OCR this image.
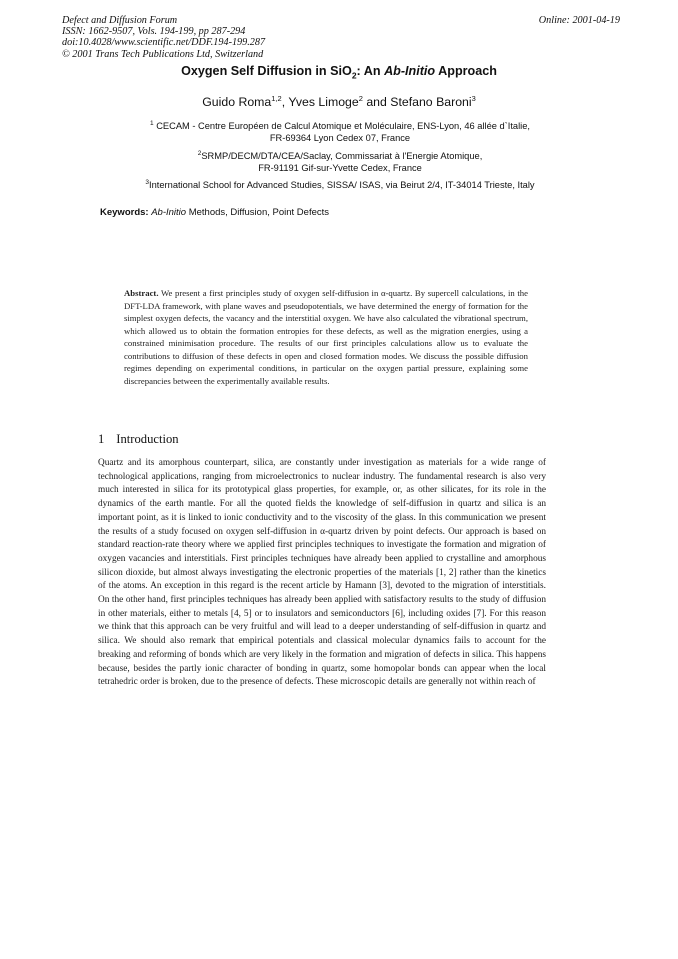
Defect and Diffusion Forum
ISSN: 1662-9507, Vols. 194-199, pp 287-294
doi:10.4028/www.scientific.net/DDF.194-199.287
© 2001 Trans Tech Publications Ltd, Switzerland
Online: 2001-04-19
Oxygen Self Diffusion in SiO$_2$: An Ab-Initio Approach
Guido Roma$^{1,2}$, Yves Limoge$^2$ and Stefano Baroni$^3$
$^1$ CECAM - Centre Européen de Calcul Atomique et Moléculaire, ENS-Lyon, 46 allée d`Italie,
FR-69364 Lyon Cedex 07, France
$^2$SRMP/DECM/DTA/CEA/Saclay, Commissariat à l'Energie Atomique,
FR-91191 Gif-sur-Yvette Cedex, France
$^3$International School for Advanced Studies, SISSA/ ISAS, via Beirut 2/4, IT-34014 Trieste, Italy
Keywords: Ab-Initio Methods, Diffusion, Point Defects
Abstract. We present a first principles study of oxygen self-diffusion in α-quartz. By supercell calculations, in the DFT-LDA framework, with plane waves and pseudopotentials, we have determined the energy of formation for the simplest oxygen defects, the vacancy and the interstitial oxygen. We have also calculated the vibrational spectrum, which allowed us to obtain the formation entropies for these defects, as well as the migration energies, using a constrained minimisation procedure. The results of our first principles calculations allow us to evaluate the contributions to diffusion of these defects in open and closed formation modes. We discuss the possible diffusion regimes depending on experimental conditions, in particular on the oxygen partial pressure, explaining some discrepancies between the experimentally available results.
1 Introduction
Quartz and its amorphous counterpart, silica, are constantly under investigation as materials for a wide range of technological applications, ranging from microelectronics to nuclear industry. The fundamental research is also very much interested in silica for its prototypical glass properties, for example, or, as other silicates, for its role in the dynamics of the earth mantle. For all the quoted fields the knowledge of self-diffusion in quartz and silica is an important point, as it is linked to ionic conductivity and to the viscosity of the glass. In this communication we present the results of a study focused on oxygen self-diffusion in α-quartz driven by point defects. Our approach is based on standard reaction-rate theory where we applied first principles techniques to investigate the formation and migration of oxygen vacancies and interstitials. First principles techniques have already been applied to crystalline and amorphous silicon dioxide, but almost always investigating the electronic properties of the materials [1, 2] rather than the kinetics of the atoms. An exception in this regard is the recent article by Hamann [3], devoted to the migration of interstitials. On the other hand, first principles techniques has already been applied with satisfactory results to the study of diffusion in other materials, either to metals [4, 5] or to insulators and semiconductors [6], including oxides [7]. For this reason we think that this approach can be very fruitful and will lead to a deeper understanding of self-diffusion in quartz and silica. We should also remark that empirical potentials and classical molecular dynamics fails to account for the breaking and reforming of bonds which are very likely in the formation and migration of defects in silica. This happens because, besides the partly ionic character of bonding in quartz, some homopolar bonds can appear when the local tetrahedric order is broken, due to the presence of defects. These microscopic details are generally not within reach of
